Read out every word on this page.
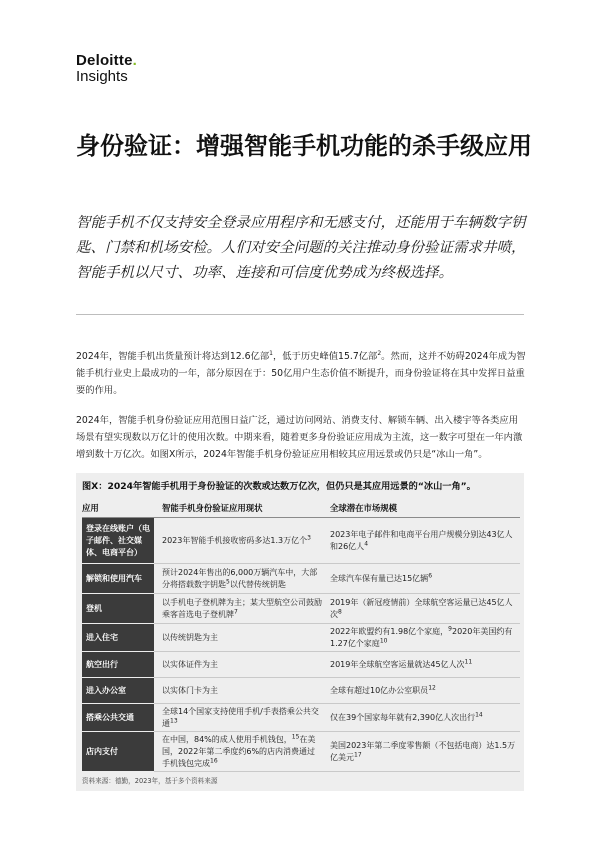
Deloitte.
Insights
身份验证：增强智能手机功能的杀手级应用
智能手机不仅支持安全登录应用程序和无感支付，还能用于车辆数字钥匙、门禁和机场安检。人们对安全问题的关注推动身份验证需求井喷，智能手机以尺寸、功率、连接和可信度优势成为终极选择。

2024年，智能手机出货量预计将达到12.6亿部$^1$，低于历史峰值15.7亿部$^2$。然而，这并不妨碍2024年成为智能手机行业史上最成功的一年，部分原因在于：50亿用户生态价值不断提升，而身份验证将在其中发挥日益重要的作用。

2024年，智能手机身份验证应用范围日益广泛，通过访问网站、消费支付、解锁车辆、出入楼宇等各类应用场景有望实现数以万亿计的使用次数。中期来看，随着更多身份验证应用成为主流，这一数字可望在一年内激增到数十万亿次。如图X所示，2024年智能手机身份验证应用相较其应用远景或仍只是“冰山一角”。

图X：2024年智能手机用于身份验证的次数或达数万亿次，但仍只是其应用远景的“冰山一角”。
应用	智能手机身份验证应用现状	全球潜在市场规模

登录在线账户（电子邮件、社交媒体、电商平台）	2023年智能手机接收密码多达1.3万亿个$^3$	2023年电子邮件和电商平台用户规模分别达43亿人和26亿人$^4$

解锁和使用汽车	预计2024年售出的6,000万辆汽车中，大部分将搭载数字钥匙$^5$以代替传统钥匙	全球汽车保有量已达15亿辆$^6$

登机	以手机电子登机牌为主；某大型航空公司鼓励乘客首选电子登机牌$^7$	2019年（新冠疫情前）全球航空客运量已达45亿人次$^8$

进入住宅	以传统钥匙为主	2022年欧盟约有1.98亿个家庭，$^9$2020年美国约有1.27亿个家庭$^{10}$

航空出行	以实体证件为主	2019年全球航空客运量就达45亿人次$^{11}$

进入办公室	以实体门卡为主	全球有超过10亿办公室职员$^{12}$

搭乘公共交通	全球14个国家支持使用手机/手表搭乘公共交通$^{13}$	仅在39个国家每年就有2,390亿人次出行$^{14}$

店内支付	在中国，84%的成人使用手机钱包，$^{15}$在美国，2022年第二季度约6%的店内消费通过手机钱包完成$^{16}$	美国2023年第二季度零售额（不包括电商）达1.5万亿美元$^{17}$
资料来源：德勤，2023年，基于多个资料来源
